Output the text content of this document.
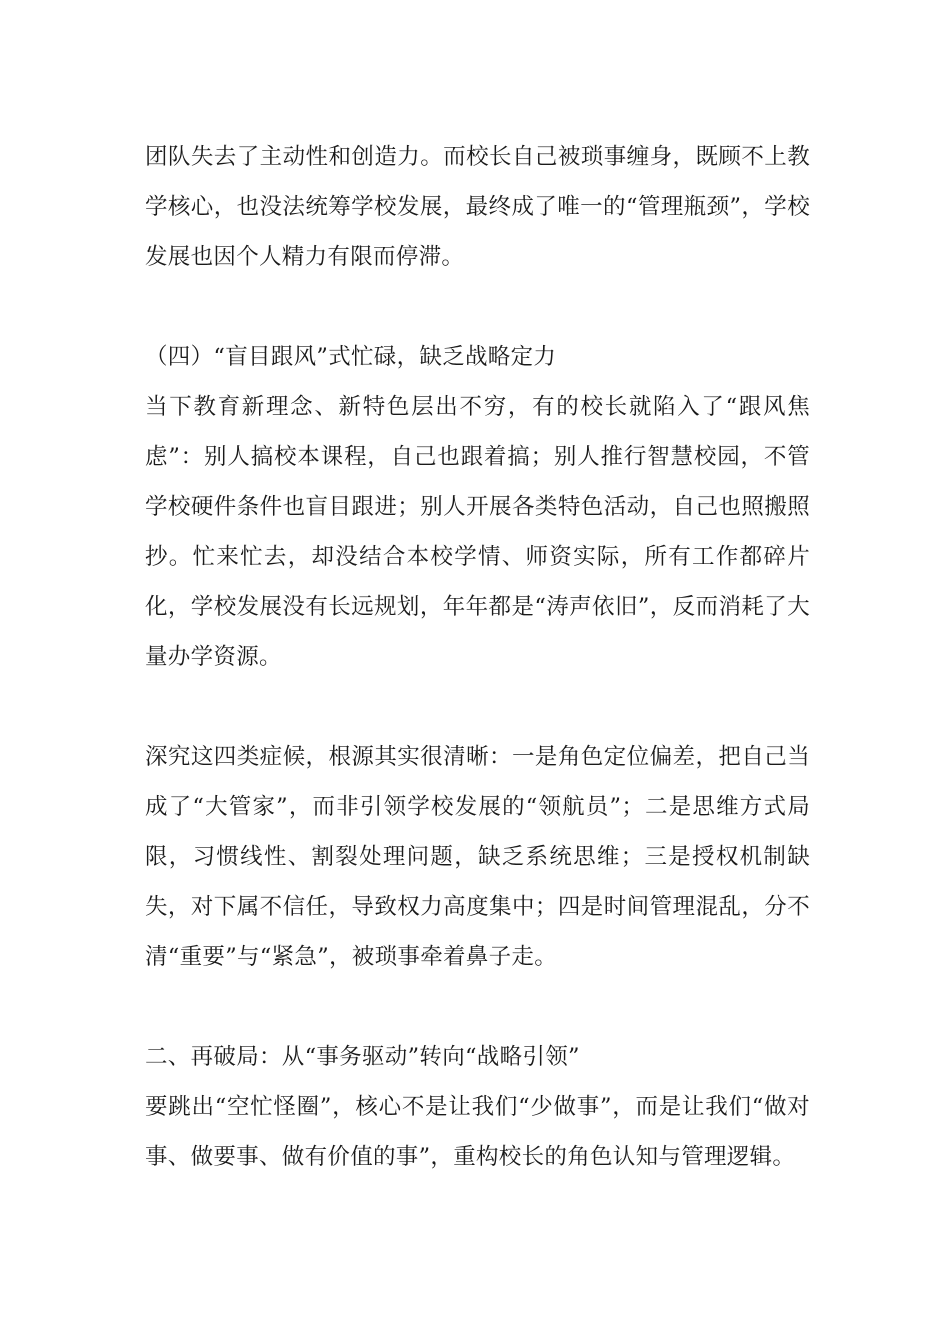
团队失去了主动性和创造力。而校长自己被琐事缠身，既顾不上教学核心，也没法统筹学校发展，最终成了唯一的“管理瓶颈”，学校发展也因个人精力有限而停滞。

（四）“盲目跟风”式忙碌，缺乏战略定力

当下教育新理念、新特色层出不穷，有的校长就陷入了“跟风焦虑”：别人搞校本课程，自己也跟着搞；别人推行智慧校园，不管学校硬件条件也盲目跟进；别人开展各类特色活动，自己也照搬照抄。忙来忙去，却没结合本校学情、师资实际，所有工作都碎片化，学校发展没有长远规划，年年都是“涛声依旧”，反而消耗了大量办学资源。

深究这四类症候，根源其实很清晰：一是角色定位偏差，把自己当成了“大管家”，而非引领学校发展的“领航员”；二是思维方式局限，习惯线性、割裂处理问题，缺乏系统思维；三是授权机制缺失，对下属不信任，导致权力高度集中；四是时间管理混乱，分不清“重要”与“紧急”，被琐事牵着鼻子走。

二、再破局：从“事务驱动”转向“战略引领”

要跳出“空忙怪圈”，核心不是让我们“少做事”，而是让我们“做对事、做要事、做有价值的事”，重构校长的角色认知与管理逻辑。
